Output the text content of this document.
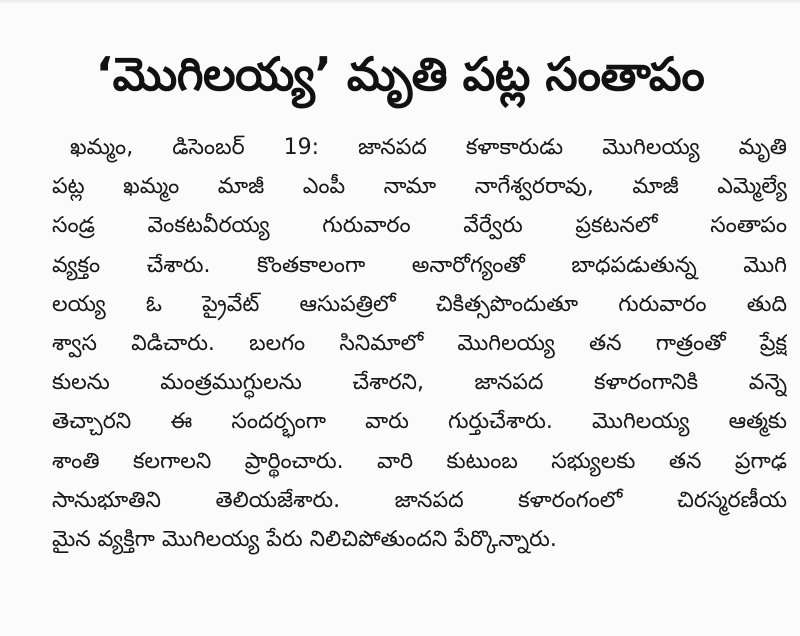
‘మొగిలయ్య’ మృతి పట్ల సంతాపం
ఖమ్మం, డిసెంబర్ 19: జానపద కళాకారుడు మొగిలయ్య మృతి
పట్ల ఖమ్మం మాజీ ఎంపీ నామా నాగేశ్వరరావు, మాజీ ఎమ్మెల్యే
సండ్ర వెంకటవీరయ్య గురువారం వేర్వేరు ప్రకటనలో సంతాపం
వ్యక్తం చేశారు. కొంతకాలంగా అనారోగ్యంతో బాధపడుతున్న మొగి
లయ్య ఓ ప్రైవేట్ ఆసుపత్రిలో చికిత్సపొందుతూ గురువారం తుది
శ్వాస విడిచారు. బలగం సినిమాలో మొగిలయ్య తన గాత్రంతో ప్రేక్ష
కులను మంత్రముగ్ధులను చేశారని, జానపద కళారంగానికి వన్నె
తెచ్చారని ఈ సందర్భంగా వారు గుర్తుచేశారు. మొగిలయ్య ఆత్మకు
శాంతి కలగాలని ప్రార్థించారు. వారి కుటుంబ సభ్యులకు తన ప్రగాఢ
సానుభూతిని తెలియజేశారు. జానపద కళారంగంలో చిరస్మరణీయ
మైన వ్యక్తిగా మొగిలయ్య పేరు నిలిచిపోతుందని పేర్కొన్నారు.
